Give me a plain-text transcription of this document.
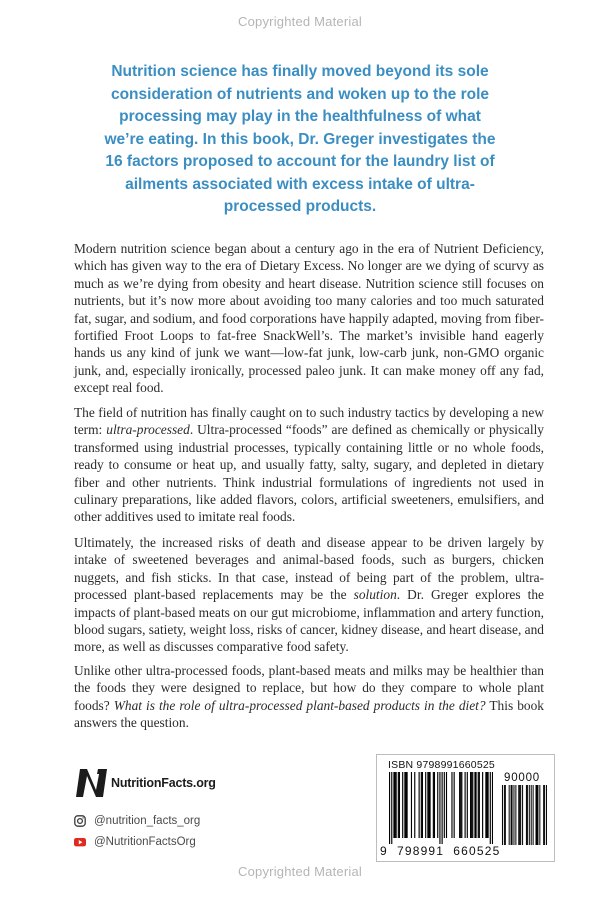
Copyrighted Material
Nutrition science has finally moved beyond its sole consideration of nutrients and woken up to the role processing may play in the healthfulness of what we’re eating. In this book, Dr. Greger investigates the 16 factors proposed to account for the laundry list of ailments associated with excess intake of ultra-processed products.

Modern nutrition science began about a century ago in the era of Nutrient Deficiency, which has given way to the era of Dietary Excess. No longer are we dying of scurvy as much as we’re dying from obesity and heart disease. Nutrition science still focuses on nutrients, but it’s now more about avoiding too many calories and too much saturated fat, sugar, and sodium, and food corporations have happily adapted, moving from fiber-fortified Froot Loops to fat-free SnackWell’s. The market’s invisible hand eagerly hands us any kind of junk we want—low-fat junk, low-carb junk, non-GMO organic junk, and, especially ironically, processed paleo junk. It can make money off any fad, except real food.

The field of nutrition has finally caught on to such industry tactics by developing a new term: ultra-processed. Ultra-processed “foods” are defined as chemically or physically transformed using industrial processes, typically containing little or no whole foods, ready to consume or heat up, and usually fatty, salty, sugary, and depleted in dietary fiber and other nutrients. Think industrial formulations of ingredients not used in culinary preparations, like added flavors, colors, artificial sweeteners, emulsifiers, and other additives used to imitate real foods.

Ultimately, the increased risks of death and disease appear to be driven largely by intake of sweetened beverages and animal-based foods, such as burgers, chicken nuggets, and fish sticks. In that case, instead of being part of the problem, ultra-processed plant-based replacements may be the solution. Dr. Greger explores the impacts of plant-based meats on our gut microbiome, inflammation and artery function, blood sugars, satiety, weight loss, risks of cancer, kidney disease, and heart disease, and more, as well as discusses comparative food safety.

Unlike other ultra-processed foods, plant-based meats and milks may be healthier than the foods they were designed to replace, but how do they compare to whole plant foods? What is the role of ultra-processed plant-based products in the diet? This book answers the question.

NutritionFacts.org
@nutrition_facts_org
@NutritionFactsOrg
ISBN 9798991660525
90000
9  798991  660525
Copyrighted Material
